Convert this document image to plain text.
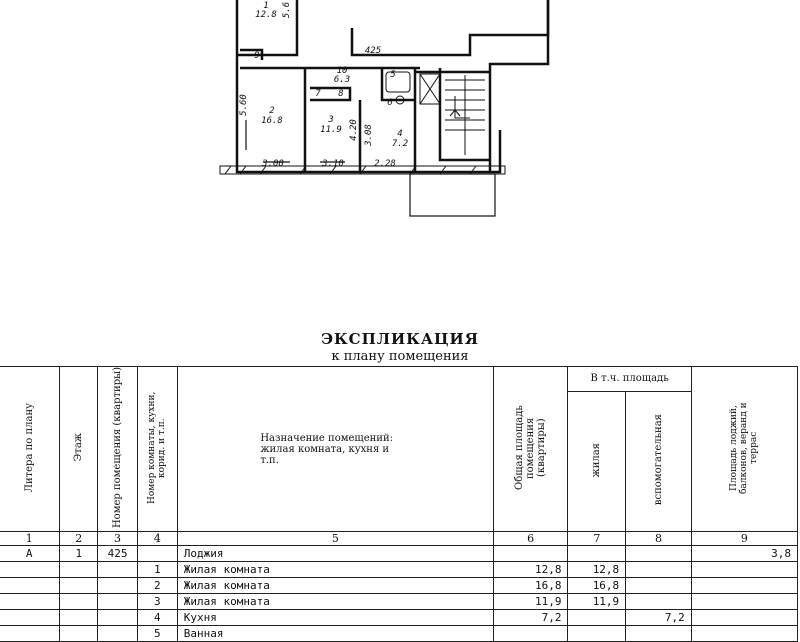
1
12.8
2
16.8	3
11.9	4
7.2
5
6
7 8
9
10
6.3
425
5.60
3.00	3.10	2.28
4.20 3.08
5.6
ЭКСПЛИКАЦИЯ
к плану помещения
Литера по плану	Этаж	Номер помещения (квартиры)	Номер комнаты, кухни, корид. и т.п.	Назначение помещений: жилая комната, кухня и т.п.	Общая площадь помещения (квартиры)	В т.ч. площадь		Площадь лоджий, балконов, веранд и террас
						жилая	вспомогательная	
1	2	3	4	5	6	7	8	9
А	1	425		Лоджия				3,8
			1	Жилая комната	12,8	12,8		
			2	Жилая комната	16,8	16,8		
			3	Жилая комната	11,9	11,9		
			4	Кухня	7,2		7,2	
			5	Ванная				
